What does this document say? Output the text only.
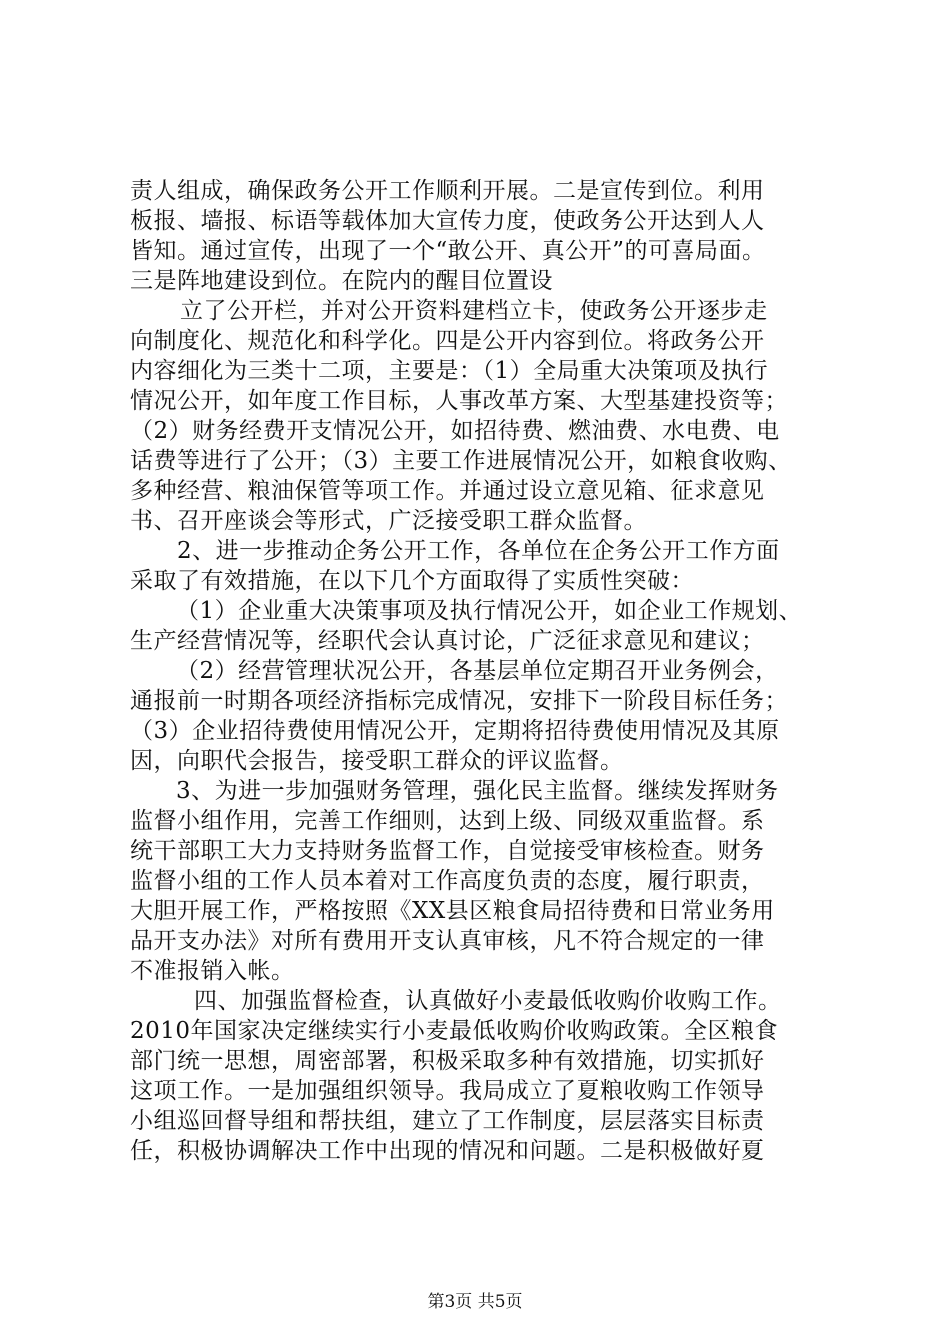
责人组成，确保政务公开工作顺利开展。二是宣传到位。利用
板报、墙报、标语等载体加大宣传力度，使政务公开达到人人
皆知。通过宣传，出现了一个“敢公开、真公开”的可喜局面。
三是阵地建设到位。在院内的醒目位置设
立了公开栏，并对公开资料建档立卡，使政务公开逐步走
向制度化、规范化和科学化。四是公开内容到位。将政务公开
内容细化为三类十二项，主要是：（1）全局重大决策项及执行
情况公开，如年度工作目标，人事改革方案、大型基建投资等；
（2）财务经费开支情况公开，如招待费、燃油费、水电费、电
话费等进行了公开；（3）主要工作进展情况公开，如粮食收购、
多种经营、粮油保管等项工作。并通过设立意见箱、征求意见
书、召开座谈会等形式，广泛接受职工群众监督。
2、进一步推动企务公开工作，各单位在企务公开工作方面
采取了有效措施，在以下几个方面取得了实质性突破：
（1）企业重大决策事项及执行情况公开，如企业工作规划、
生产经营情况等，经职代会认真讨论，广泛征求意见和建议；
（2）经营管理状况公开，各基层单位定期召开业务例会，
通报前一时期各项经济指标完成情况，安排下一阶段目标任务；
（3）企业招待费使用情况公开，定期将招待费使用情况及其原
因，向职代会报告，接受职工群众的评议监督。
3、为进一步加强财务管理，强化民主监督。继续发挥财务
监督小组作用，完善工作细则，达到上级、同级双重监督。系
统干部职工大力支持财务监督工作，自觉接受审核检查。财务
监督小组的工作人员本着对工作高度负责的态度，履行职责，
大胆开展工作，严格按照《XX县区粮食局招待费和日常业务用
品开支办法》对所有费用开支认真审核，凡不符合规定的一律
不准报销入帐。
四、加强监督检查，认真做好小麦最低收购价收购工作。
2010年国家决定继续实行小麦最低收购价收购政策。全区粮食
部门统一思想，周密部署，积极采取多种有效措施，切实抓好
这项工作。一是加强组织领导。我局成立了夏粮收购工作领导
小组巡回督导组和帮扶组，建立了工作制度，层层落实目标责
任，积极协调解决工作中出现的情况和问题。二是积极做好夏
第3页 共5页
